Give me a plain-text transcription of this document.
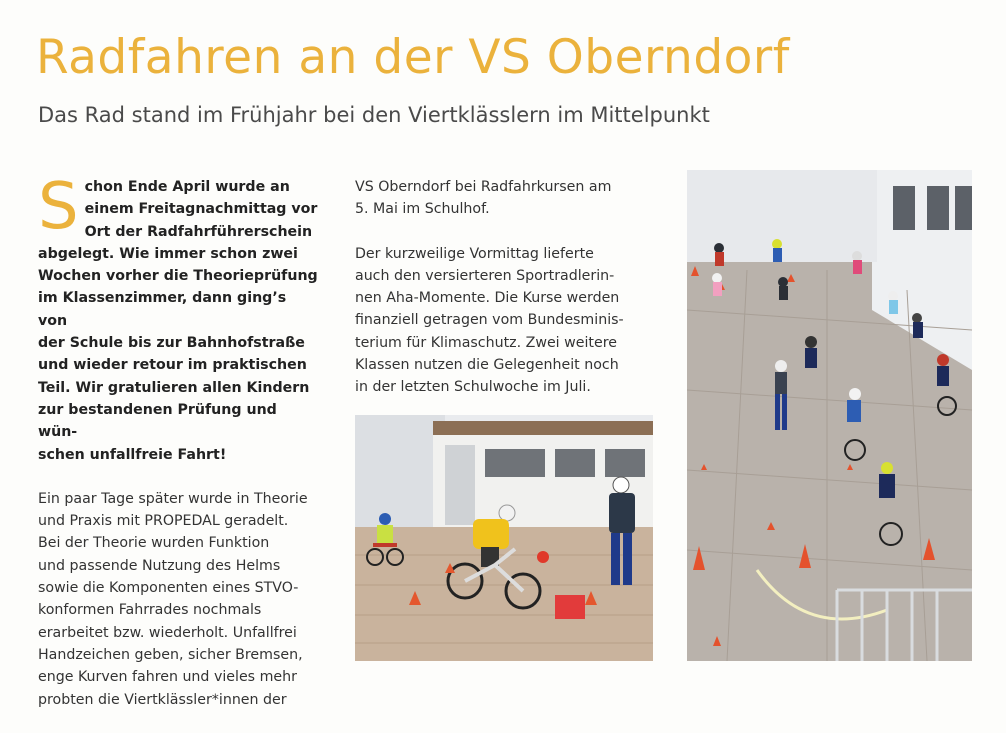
Radfahren an der VS Oberndorf
Das Rad stand im Frühjahr bei den Viertklässlern im Mittelpunkt
S chon Ende April wurde an
einem Freitagnachmittag vor
Ort der Radfahrführerschein
abgelegt. Wie immer schon zwei
Wochen vorher die Theorieprüfung
im Klassenzimmer, dann ging’s von
der Schule bis zur Bahnhofstraße
und wieder retour im praktischen
Teil. Wir gratulieren allen Kindern
zur bestandenen Prüfung und wün-
schen unfallfreie Fahrt!

Ein paar Tage später wurde in Theorie
und Praxis mit PROPEDAL geradelt.
Bei der Theorie wurden Funktion
und passende Nutzung des Helms
sowie die Komponenten eines STVO-
konformen Fahrrades nochmals
erarbeitet bzw. wiederholt. Unfallfrei
Handzeichen geben, sicher Bremsen,
enge Kurven fahren und vieles mehr
probten die Viertklässler*innen der

VS Oberndorf bei Radfahrkursen am
5. Mai im Schulhof.

Der kurzweilige Vormittag lieferte
auch den versierteren Sportradlerin-
nen Aha-Momente. Die Kurse werden
finanziell getragen vom Bundesminis-
terium für Klimaschutz. Zwei weitere
Klassen nutzen die Gelegenheit noch
in der letzten Schulwoche im Juli.
